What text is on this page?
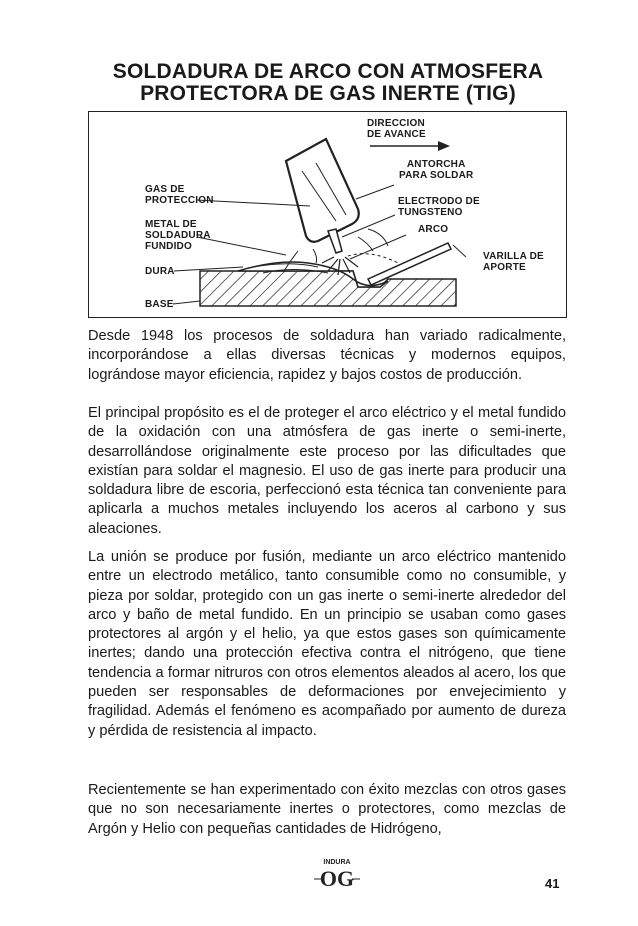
SOLDADURA DE ARCO CON ATMOSFERA
PROTECTORA DE GAS INERTE (TIG)
DIRECCION
DE AVANCE
ANTORCHA
PARA SOLDAR
GAS DE
PROTECCION	ELECTRODO DE
TUNGSTENO
ARCO
METAL DE
SOLDADURA
FUNDIDO
VARILLA DE
APORTE
DURA
BASE
Desde 1948 los procesos de soldadura han variado radicalmente, incorporándose a ellas diversas técnicas y modernos equipos, lográndose mayor eficiencia, rapidez y bajos costos de producción.
El principal propósito es el de proteger el arco eléctrico y el metal fundido de la oxidación con una atmósfera de gas inerte o semi-inerte, desarrollándose originalmente este proceso por las dificultades que existían para soldar el magnesio. El uso de gas inerte para producir una soldadura libre de escoria, perfeccionó esta técnica tan conveniente para aplicarla a muchos metales incluyendo los aceros al carbono y sus aleaciones.
La unión se produce por fusión, mediante un arco eléctrico mantenido entre un electrodo metálico, tanto consumible como no consumible, y pieza por soldar, protegido con un gas inerte o semi-inerte alrededor del arco y baño de metal fundido. En un principio se usaban como gases protectores al argón y el helio, ya que estos gases son químicamente inertes; dando una protección efectiva contra el nitrógeno, que tiene tendencia a formar nitruros con otros elementos aleados al acero, los que pueden ser responsables de deformaciones por envejecimiento y fragilidad. Además el fenómeno es acompañado por aumento de dureza y pérdida de resistencia al impacto.
Recientemente se han experimentado con éxito mezclas con otros gases que no son necesariamente inertes o protectores, como mezclas de Argón y Helio con pequeñas cantidades de Hidrógeno,
INDURA
OG	41
